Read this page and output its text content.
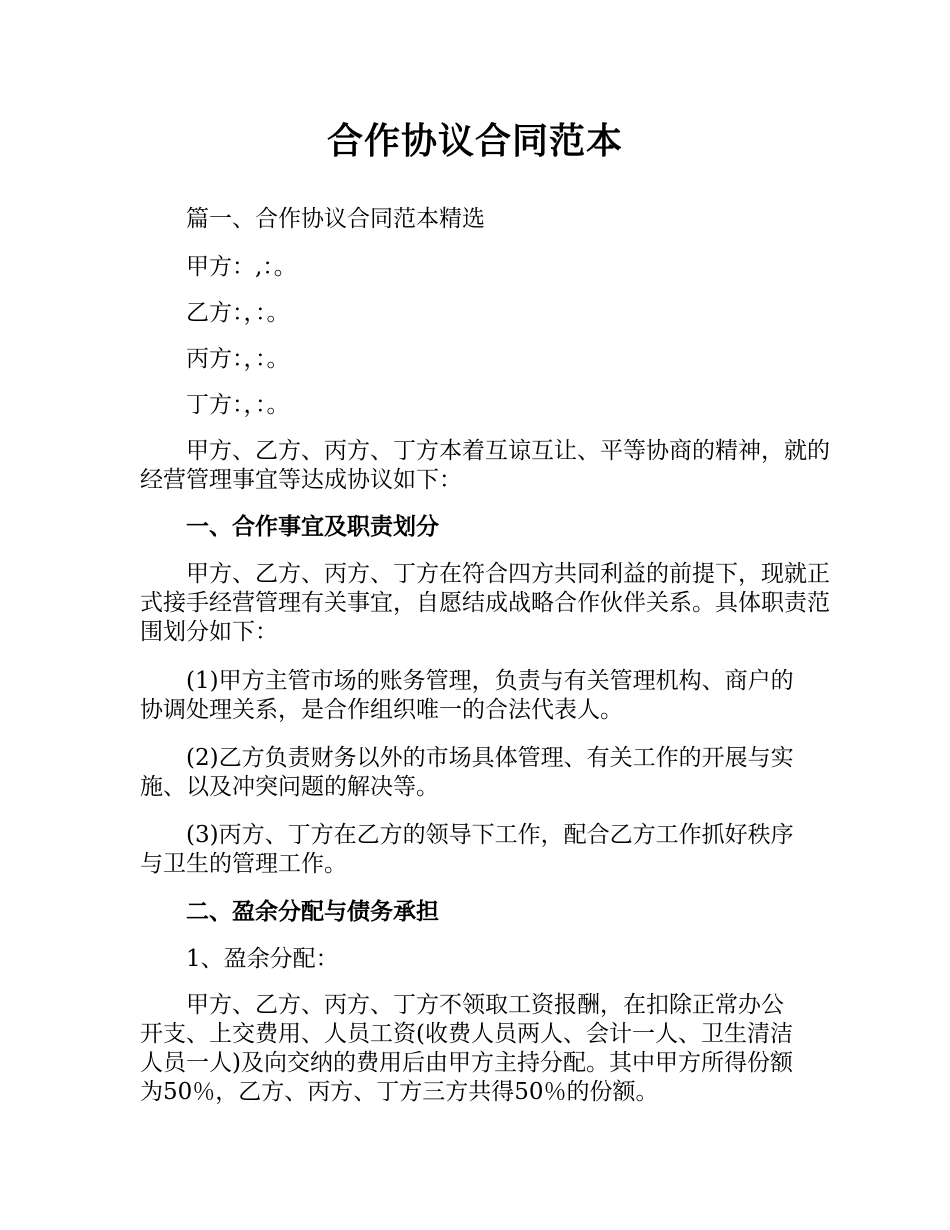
合作协议合同范本

篇一、合作协议合同范本精选

甲方：,：。

乙方：，：。

丙方：，：。

丁方：，：。

甲方、乙方、丙方、丁方本着互谅互让、平等协商的精神，就的经营管理事宜等达成协议如下：

一、合作事宜及职责划分

甲方、乙方、丙方、丁方在符合四方共同利益的前提下，现就正式接手经营管理有关事宜，自愿结成战略合作伙伴关系。具体职责范围划分如下：

(1)甲方主管市场的账务管理，负责与有关管理机构、商户的协调处理关系，是合作组织唯一的合法代表人。

(2)乙方负责财务以外的市场具体管理、有关工作的开展与实施、以及冲突问题的解决等。

(3)丙方、丁方在乙方的领导下工作，配合乙方工作抓好秩序与卫生的管理工作。

二、盈余分配与债务承担

1、盈余分配：

甲方、乙方、丙方、丁方不领取工资报酬，在扣除正常办公开支、上交费用、人员工资(收费人员两人、会计一人、卫生清洁人员一人)及向交纳的费用后由甲方主持分配。其中甲方所得份额为50％，乙方、丙方、丁方三方共得50％的份额。
